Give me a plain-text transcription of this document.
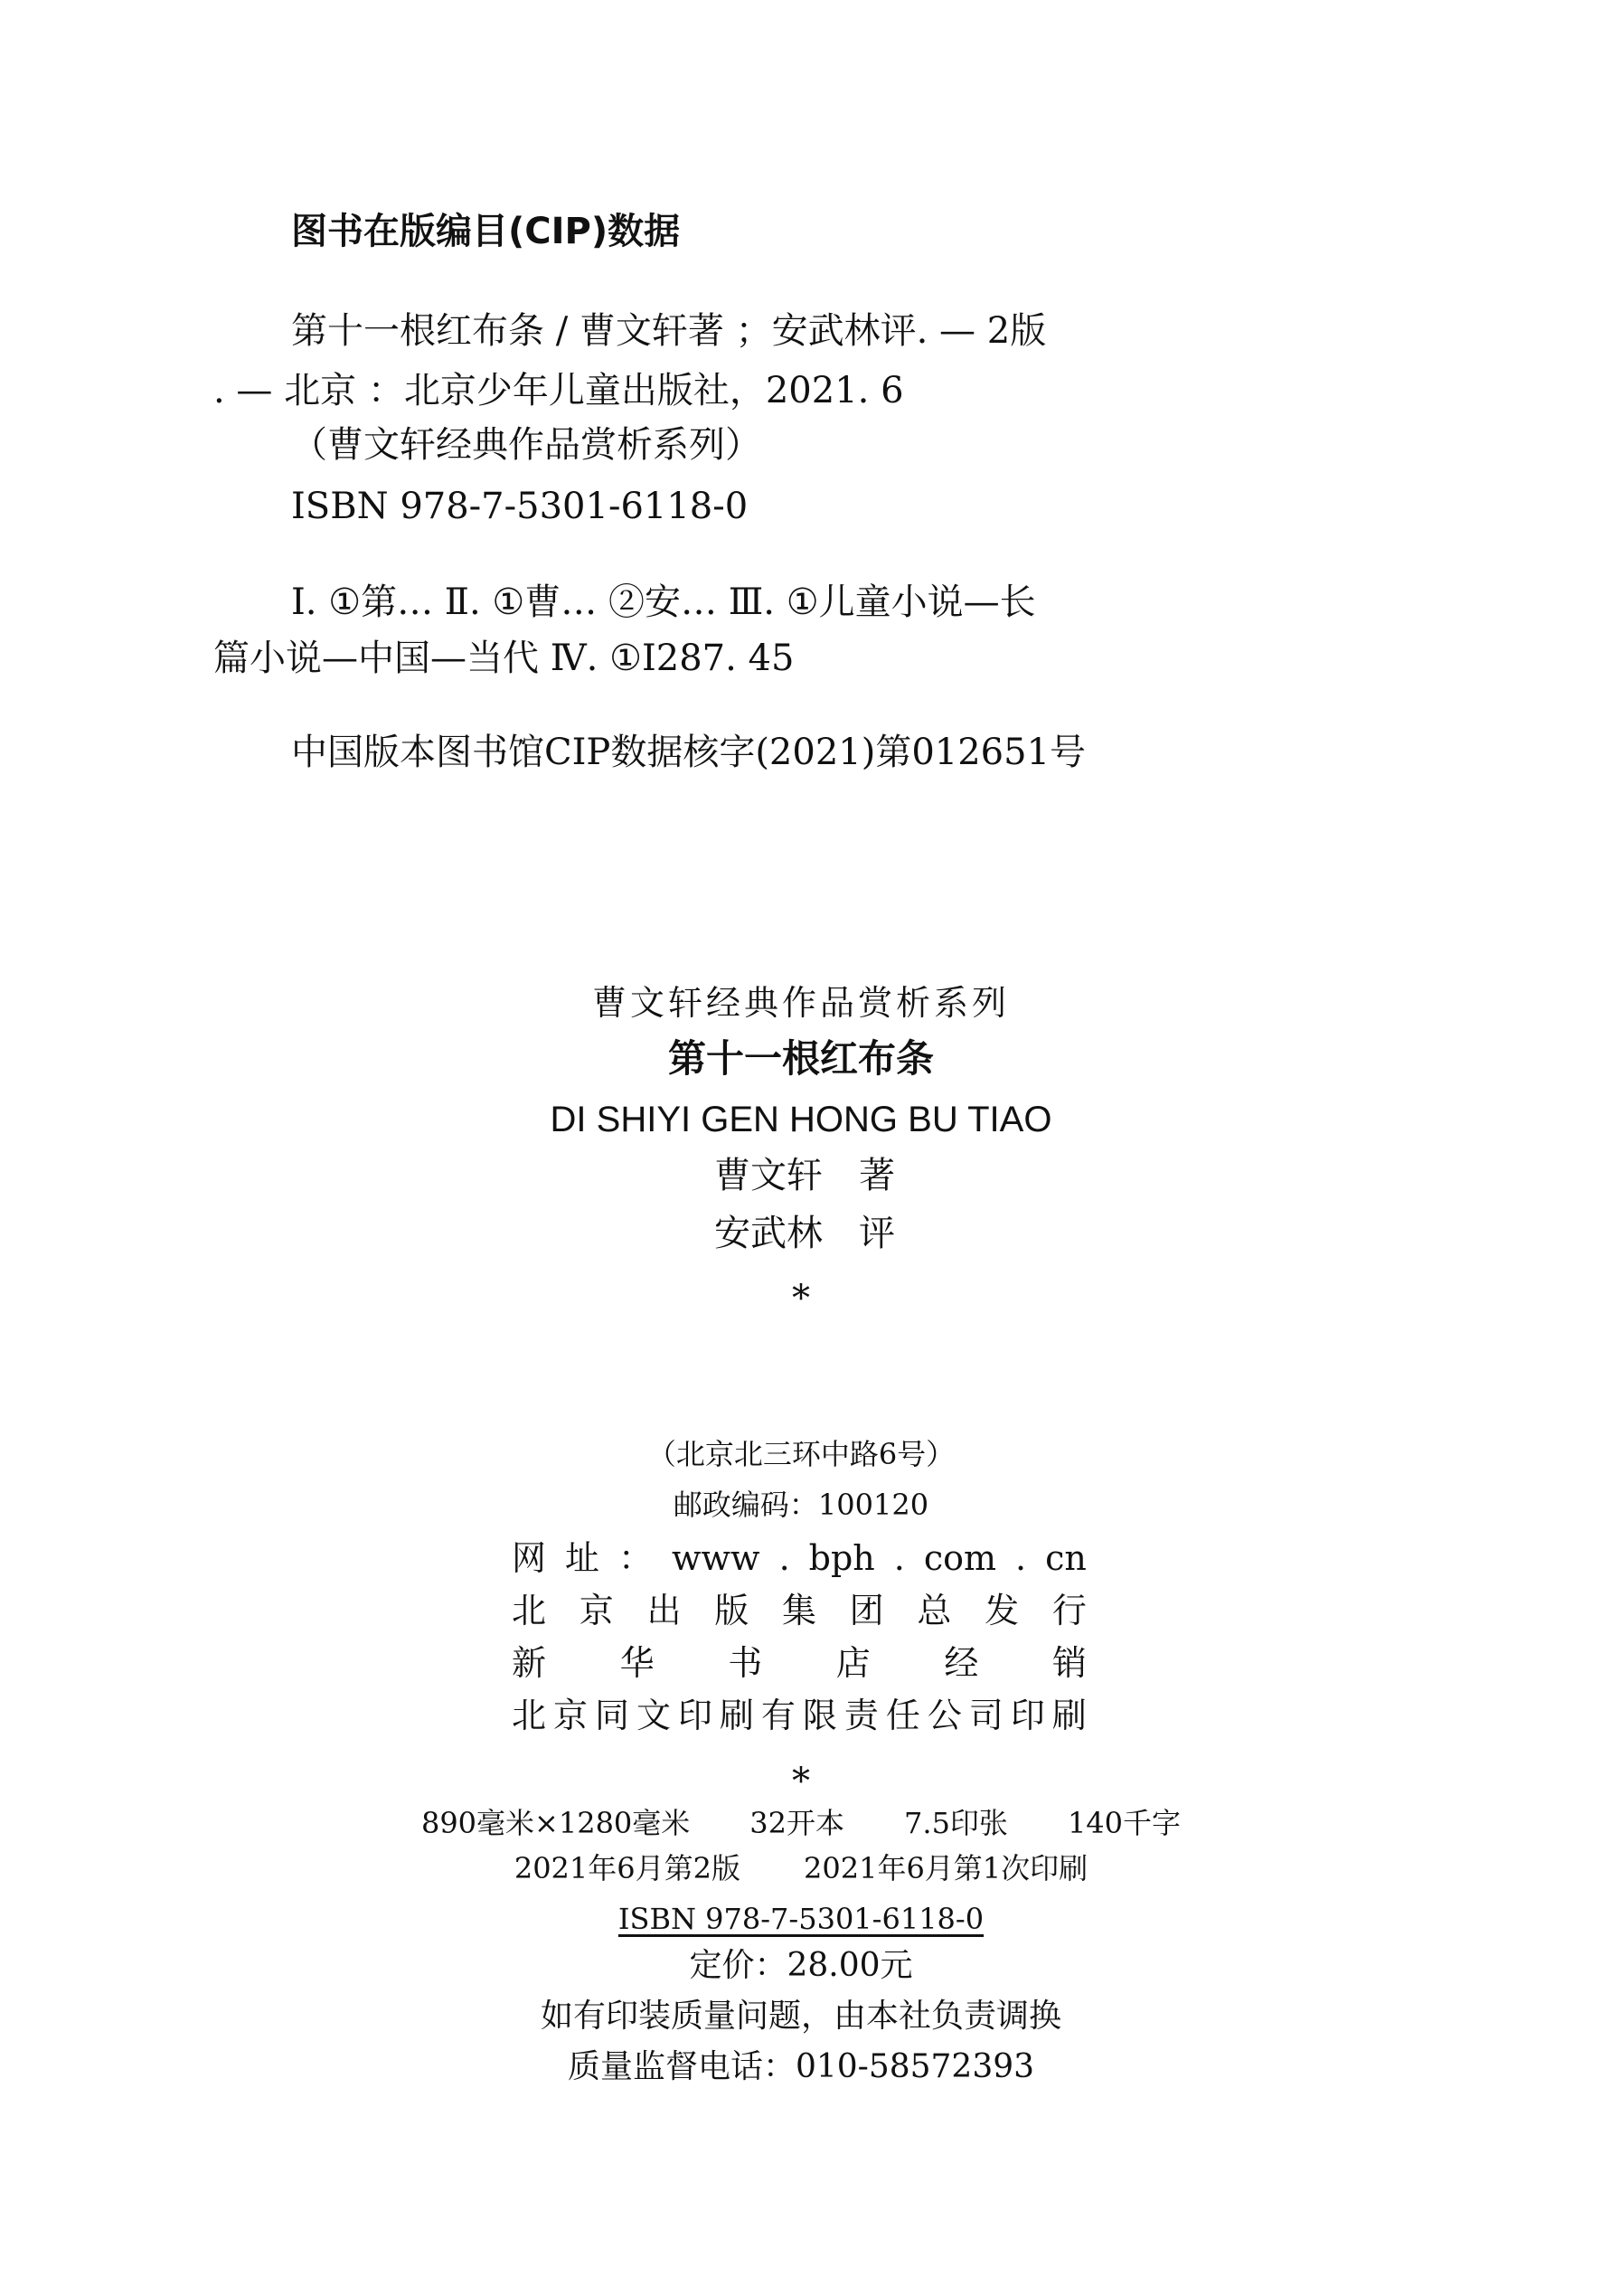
图书在版编目(CIP)数据
第十一根红布条 / 曹文轩著 ；安武林评. — 2版
. — 北京 ：北京少年儿童出版社，2021. 6
（曹文轩经典作品赏析系列）
ISBN 978-7-5301-6118-0
Ⅰ. ①第… Ⅱ. ①曹… ②安… Ⅲ. ①儿童小说—长
篇小说—中国—当代 Ⅳ. ①I287. 45
中国版本图书馆CIP数据核字(2021)第012651号
曹文轩经典作品赏析系列
第十一根红布条
DI SHIYI GEN HONG BU TIAO
曹文轩　著
安武林　评
*
（北京北三环中路6号）
邮政编码：100120
网 址 ： www . bph . com . cn
北 京 出 版 集 团 总 发 行
新 华 书 店 经 销
北 京 同 文 印 刷 有 限 责 任 公 司 印 刷
*
890毫米×1280毫米 32开本 7.5印张 140千字
2021年6月第2版 2021年6月第1次印刷
ISBN 978-7-5301-6118-0
定价：28.00元
如有印装质量问题，由本社负责调换
质量监督电话：010-58572393
